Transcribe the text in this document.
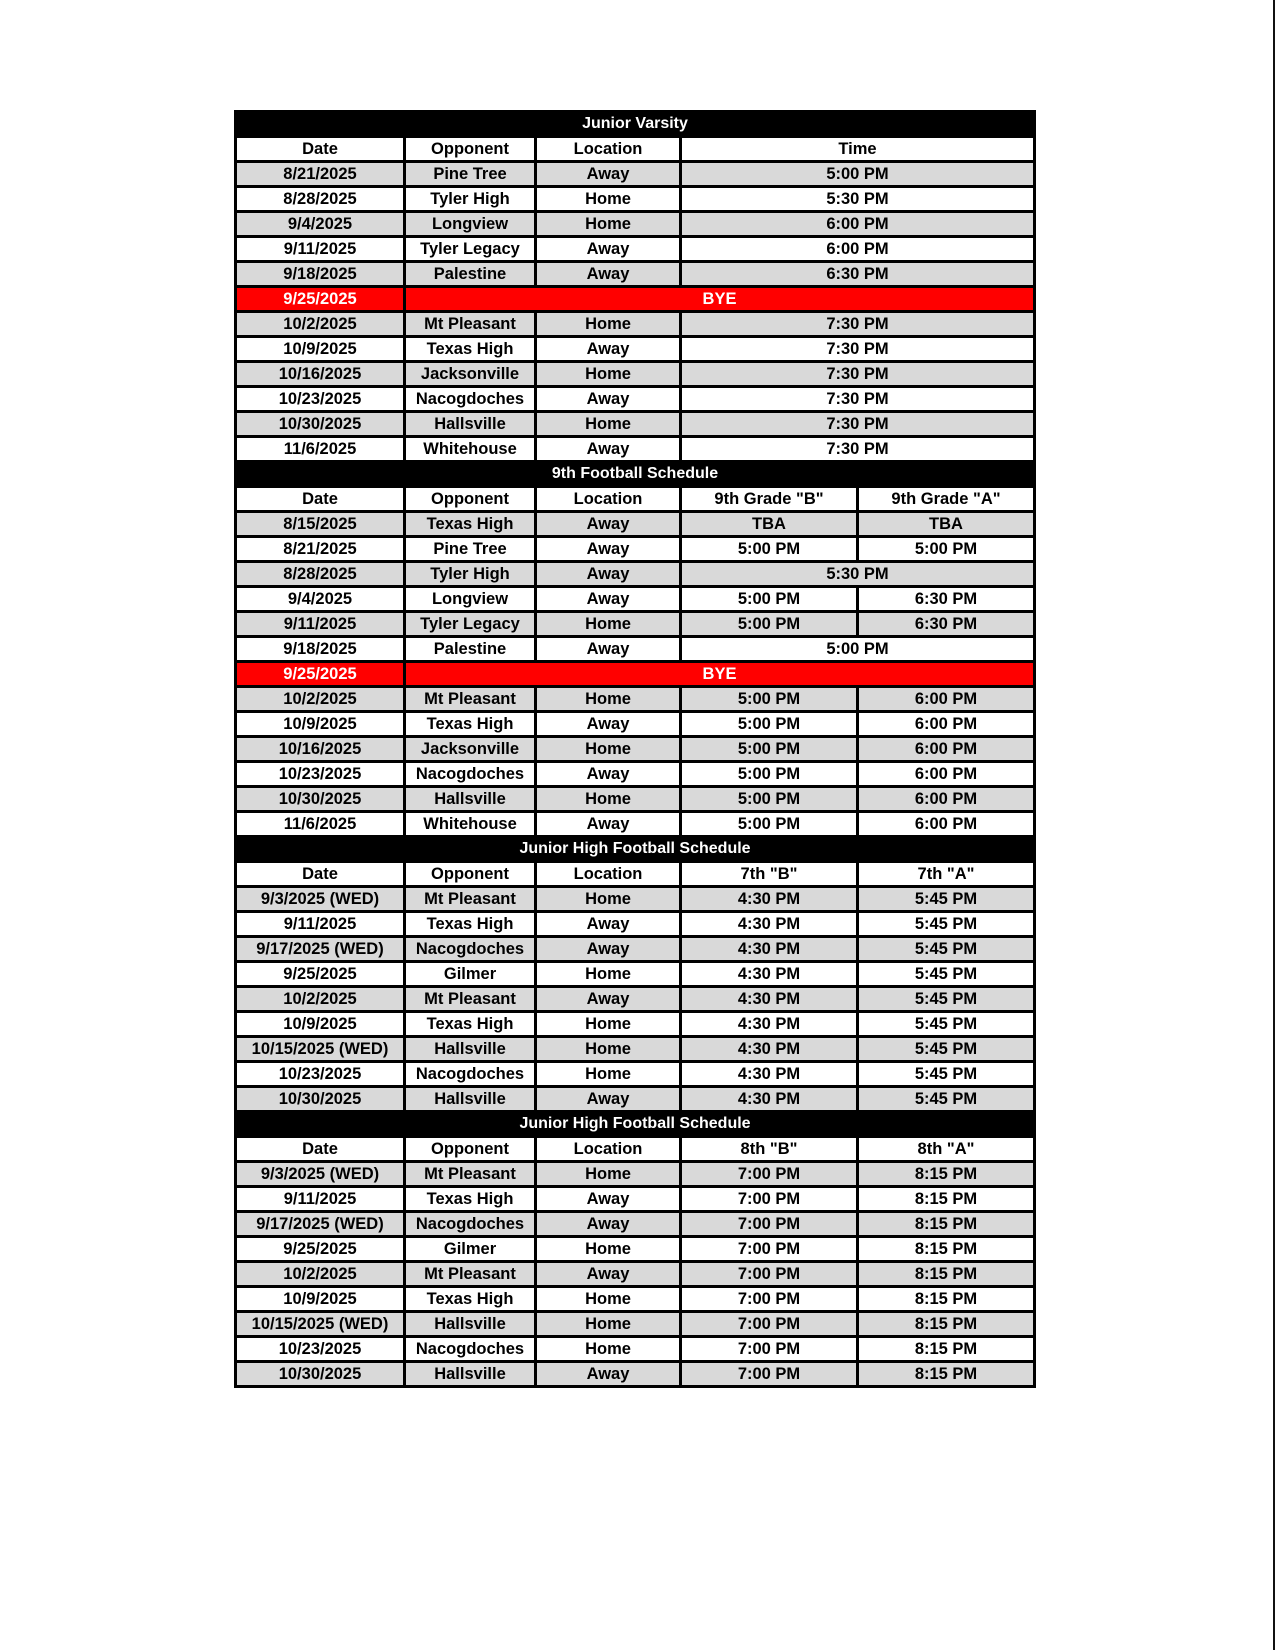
Junior Varsity				
Date	Opponent	Location	Time	
8/21/2025	Pine Tree	Away	5:00 PM	
8/28/2025	Tyler High	Home	5:30 PM	
9/4/2025	Longview	Home	6:00 PM	
9/11/2025	Tyler Legacy	Away	6:00 PM	
9/18/2025	Palestine	Away	6:30 PM	
9/25/2025	BYE			
10/2/2025	Mt Pleasant	Home	7:30 PM	
10/9/2025	Texas High	Away	7:30 PM	
10/16/2025	Jacksonville	Home	7:30 PM	
10/23/2025	Nacogdoches	Away	7:30 PM	
10/30/2025	Hallsville	Home	7:30 PM	
11/6/2025	Whitehouse	Away	7:30 PM	
9th Football Schedule				
Date	Opponent	Location	9th Grade "B"	9th Grade "A"
8/15/2025	Texas High	Away	TBA	TBA
8/21/2025	Pine Tree	Away	5:00 PM	5:00 PM
8/28/2025	Tyler High	Away	5:30 PM	
9/4/2025	Longview	Away	5:00 PM	6:30 PM
9/11/2025	Tyler Legacy	Home	5:00 PM	6:30 PM
9/18/2025	Palestine	Away	5:00 PM	
9/25/2025	BYE			
10/2/2025	Mt Pleasant	Home	5:00 PM	6:00 PM
10/9/2025	Texas High	Away	5:00 PM	6:00 PM
10/16/2025	Jacksonville	Home	5:00 PM	6:00 PM
10/23/2025	Nacogdoches	Away	5:00 PM	6:00 PM
10/30/2025	Hallsville	Home	5:00 PM	6:00 PM
11/6/2025	Whitehouse	Away	5:00 PM	6:00 PM
Junior High Football Schedule				
Date	Opponent	Location	7th "B"	7th "A"
9/3/2025 (WED)	Mt Pleasant	Home	4:30 PM	5:45 PM
9/11/2025	Texas High	Away	4:30 PM	5:45 PM
9/17/2025 (WED)	Nacogdoches	Away	4:30 PM	5:45 PM
9/25/2025	Gilmer	Home	4:30 PM	5:45 PM
10/2/2025	Mt Pleasant	Away	4:30 PM	5:45 PM
10/9/2025	Texas High	Home	4:30 PM	5:45 PM
10/15/2025 (WED)	Hallsville	Home	4:30 PM	5:45 PM
10/23/2025	Nacogdoches	Home	4:30 PM	5:45 PM
10/30/2025	Hallsville	Away	4:30 PM	5:45 PM
Junior High Football Schedule				
Date	Opponent	Location	8th "B"	8th "A"
9/3/2025 (WED)	Mt Pleasant	Home	7:00 PM	8:15 PM
9/11/2025	Texas High	Away	7:00 PM	8:15 PM
9/17/2025 (WED)	Nacogdoches	Away	7:00 PM	8:15 PM
9/25/2025	Gilmer	Home	7:00 PM	8:15 PM
10/2/2025	Mt Pleasant	Away	7:00 PM	8:15 PM
10/9/2025	Texas High	Home	7:00 PM	8:15 PM
10/15/2025 (WED)	Hallsville	Home	7:00 PM	8:15 PM
10/23/2025	Nacogdoches	Home	7:00 PM	8:15 PM
10/30/2025	Hallsville	Away	7:00 PM	8:15 PM
